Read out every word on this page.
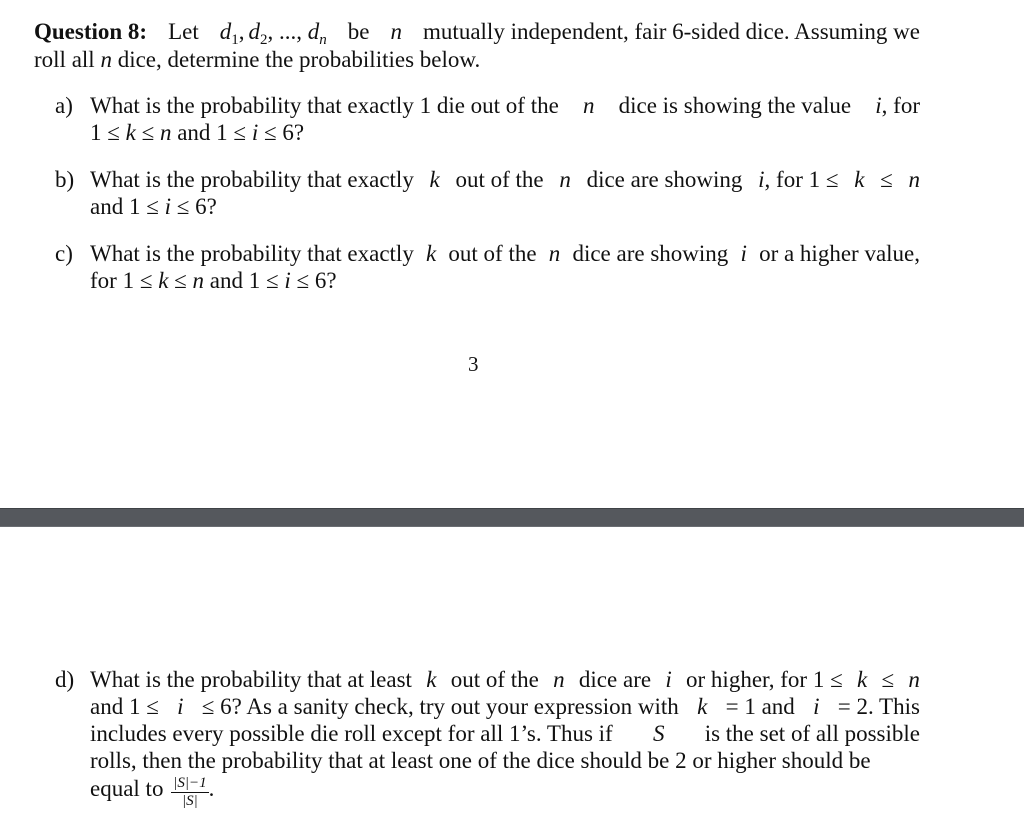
Question 8: Let $d_1$, $d_2$, ..., $d_n$ be n mutually independent, fair 6-sided dice. Assuming we
roll all n dice, determine the probabilities below.
a) What is the probability that exactly 1 die out of the n dice is showing the value i, for
1 ≤ k ≤ n and 1 ≤ i ≤ 6?
b) What is the probability that exactly k out of the n dice are showing i, for 1 ≤ k ≤ n
and 1 ≤ i ≤ 6?
c) What is the probability that exactly k out of the n dice are showing i or a higher value,
for 1 ≤ k ≤ n and 1 ≤ i ≤ 6?
3
d) What is the probability that at least k out of the n dice are i or higher, for 1 ≤ k ≤ n
and 1 ≤ i ≤ 6? As a sanity check, try out your expression with k = 1 and i = 2. This
includes every possible die roll except for all 1’s. Thus if S is the set of all possible
rolls, then the probability that at least one of the dice should be 2 or higher should be
equal to $\frac{|S|-1}{|S|}$ .
